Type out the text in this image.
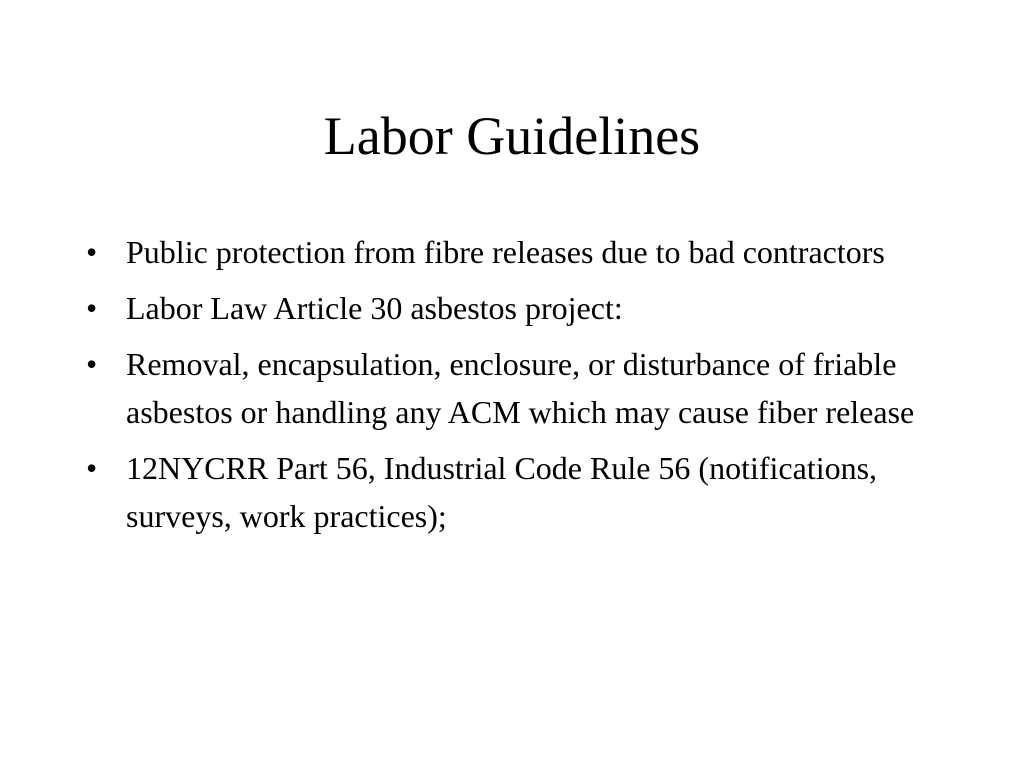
Labor Guidelines
• Public protection from fibre releases due to bad contractors
• Labor Law Article 30 asbestos project:
• Removal, encapsulation, enclosure, or disturbance of friable asbestos or handling any ACM which may cause fiber release
• 12NYCRR Part 56, Industrial Code Rule 56 (notifications, surveys, work practices);
